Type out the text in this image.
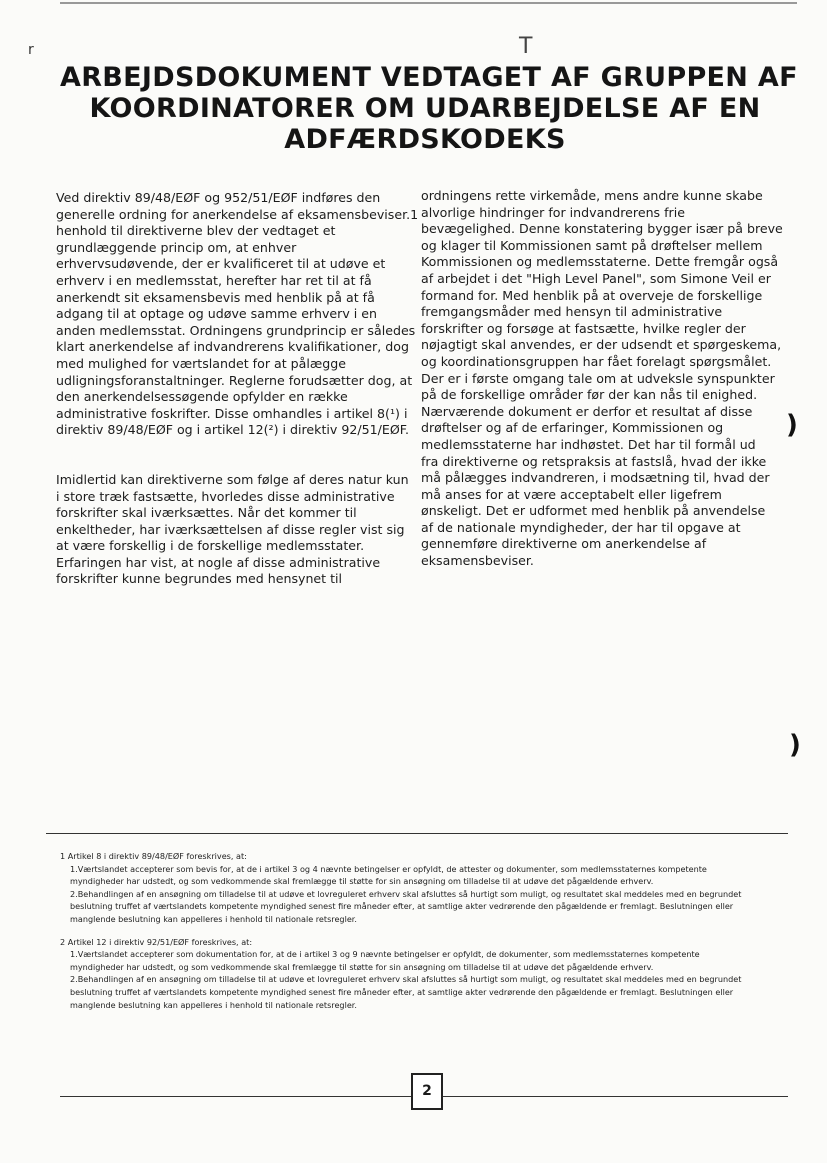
r	T
ARBEJDSDOKUMENT VEDTAGET AF GRUPPEN AF
KOORDINATORER OM UDARBEJDELSE AF EN
ADFÆRDSKODEKS

Ved direktiv 89/48/EØF og 952/51/EØF indføres den

generelle ordning for anerkendelse af eksamensbeviser.1

henhold til direktiverne blev der vedtaget et

grundlæggende princip om, at enhver

erhvervsudøvende, der er kvalificeret til at udøve et

erhverv i en medlemsstat, herefter har ret til at få

anerkendt sit eksamensbevis med henblik på at få

adgang til at optage og udøve samme erhverv i en

anden medlemsstat. Ordningens grundprincip er således

klart anerkendelse af indvandrerens kvalifikationer, dog

med mulighed for værtslandet for at pålægge

udligningsforanstaltninger. Reglerne forudsætter dog, at

den anerkendelsessøgende opfylder en række

administrative foskrifter. Disse omhandles i artikel 8(¹) i

direktiv 89/48/EØF og i artikel 12(²) i direktiv 92/51/EØF.

Imidlertid kan direktiverne som følge af deres natur kun

i store træk fastsætte, hvorledes disse administrative

forskrifter skal iværksættes. Når det kommer til

enkeltheder, har iværksættelsen af disse regler vist sig

at være forskellig i de forskellige medlemsstater.

Erfaringen har vist, at nogle af disse administrative

forskrifter kunne begrundes med hensynet til

ordningens rette virkemåde, mens andre kunne skabe

alvorlige hindringer for indvandrerens frie

bevægelighed. Denne konstatering bygger især på breve

og klager til Kommissionen samt på drøftelser mellem

Kommissionen og medlemsstaterne. Dette fremgår også

af arbejdet i det "High Level Panel", som Simone Veil er

formand for. Med henblik på at overveje de forskellige

fremgangsmåder med hensyn til administrative

forskrifter og forsøge at fastsætte, hvilke regler der

nøjagtigt skal anvendes, er der udsendt et spørgeskema,

og koordinationsgruppen har fået forelagt spørgsmålet.

Der er i første omgang tale om at udveksle synspunkter

på de forskellige områder før der kan nås til enighed.

Nærværende dokument er derfor et resultat af disse

drøftelser og af de erfaringer, Kommissionen og

medlemsstaterne har indhøstet. Det har til formål ud

fra direktiverne og retspraksis at fastslå, hvad der ikke

må pålægges indvandreren, i modsætning til, hvad der

må anses for at være acceptabelt eller ligefrem

ønskeligt. Det er udformet med henblik på anvendelse

af de nationale myndigheder, der har til opgave at

gennemføre direktiverne om anerkendelse af

eksamensbeviser.

)
)

1 Artikel 8 i direktiv 89/48/EØF foreskrives, at:

1.Værtslandet accepterer som bevis for, at de i artikel 3 og 4 nævnte betingelser er opfyldt, de attester og dokumenter, som medlemsstaternes kompetente

myndigheder har udstedt, og som vedkommende skal fremlægge til støtte for sin ansøgning om tilladelse til at udøve det pågældende erhverv.

2.Behandlingen af en ansøgning om tilladelse til at udøve et lovreguleret erhverv skal afsluttes så hurtigt som muligt, og resultatet skal meddeles med en begrundet

beslutning truffet af værtslandets kompetente myndighed senest fire måneder efter, at samtlige akter vedrørende den pågældende er fremlagt. Beslutningen eller

manglende beslutning kan appelleres i henhold til nationale retsregler.

2 Artikel 12 i direktiv 92/51/EØF foreskrives, at:

1.Værtslandet accepterer som dokumentation for, at de i artikel 3 og 9 nævnte betingelser er opfyldt, de dokumenter, som medlemsstaternes kompetente

myndigheder har udstedt, og som vedkommende skal fremlægge til støtte for sin ansøgning om tilladelse til at udøve det pågældende erhverv.

2.Behandlingen af en ansøgning om tilladelse til at udøve et lovreguleret erhverv skal afsluttes så hurtigt som muligt, og resultatet skal meddeles med en begrundet

beslutning truffet af værtslandets kompetente myndighed senest fire måneder efter, at samtlige akter vedrørende den pågældende er fremlagt. Beslutningen eller

manglende beslutning kan appelleres i henhold til nationale retsregler.

2
